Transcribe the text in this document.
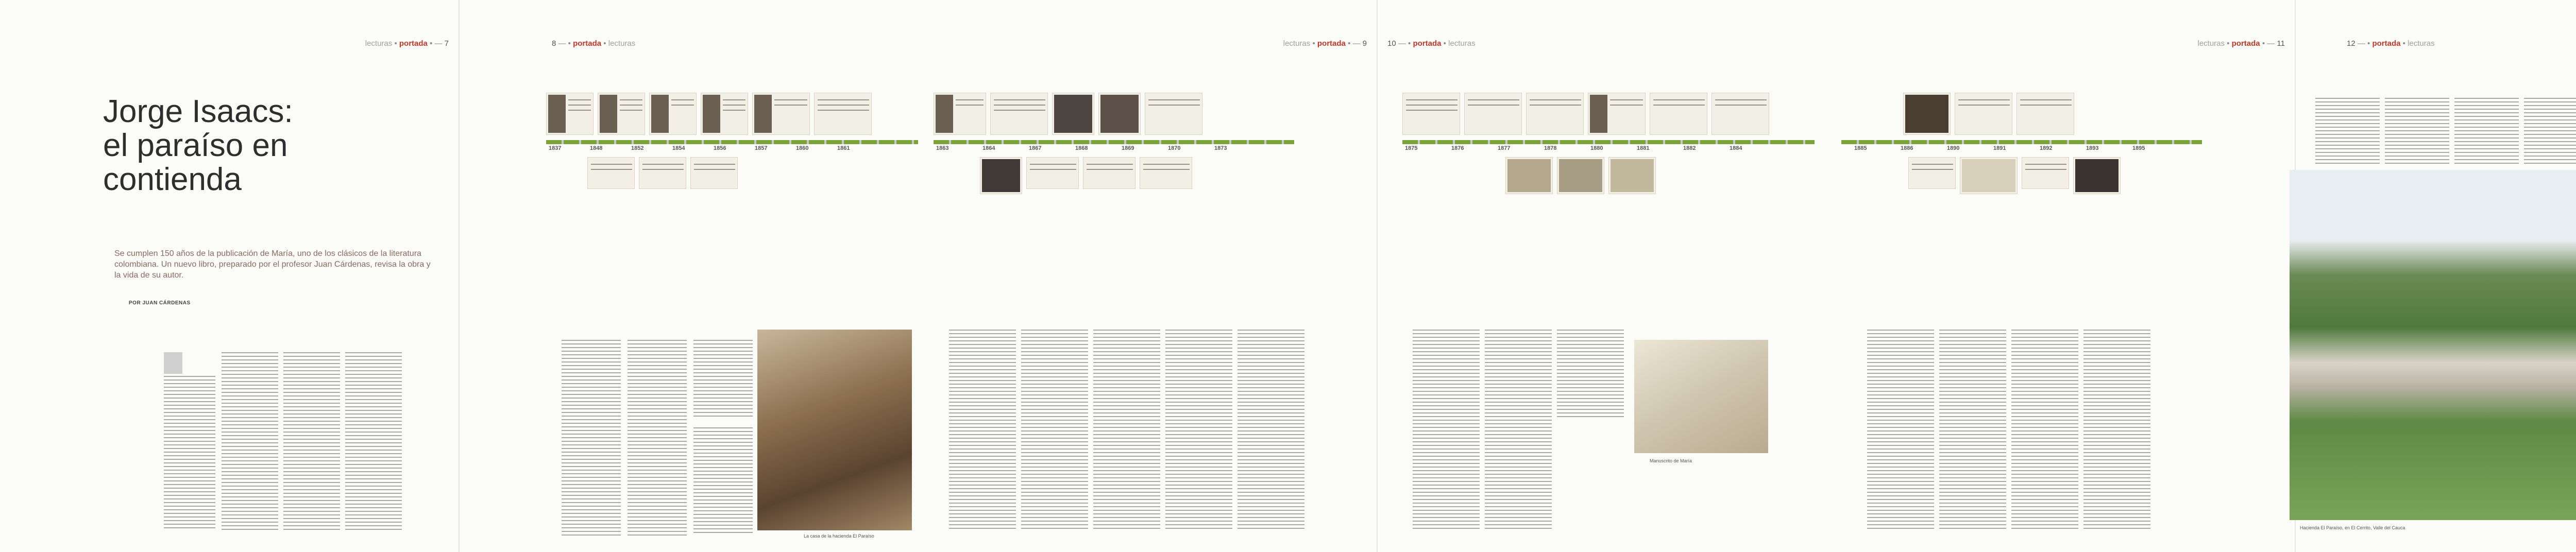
lecturas • portada • — 7
Jorge Isaacs:
el paraíso en
contienda
Se cumplen 150 años de la publicación de María, uno de los clásicos de la literatura colombiana. Un nuevo libro, preparado por el profesor Juan Cárdenas, revisa la obra y la vida de su autor.
POR JUAN CÁRDENAS
8 — • portada • lecturas
1837	1848	1852	1854	1856	1857	1860	1861
La casa de la hacienda El Paraíso
lecturas • portada • — 9
1863	1864	1867	1868	1869	1870	1873
10 — • portada • lecturas
1875	1876	1877	1878	1880	1881	1882	1884
Manuscrito de María
lecturas • portada • — 11
1885	1886	1890	1891	1892	1893	1895
12 — • portada • lecturas
Hacienda El Paraíso, en El Cerrito, Valle del Cauca
